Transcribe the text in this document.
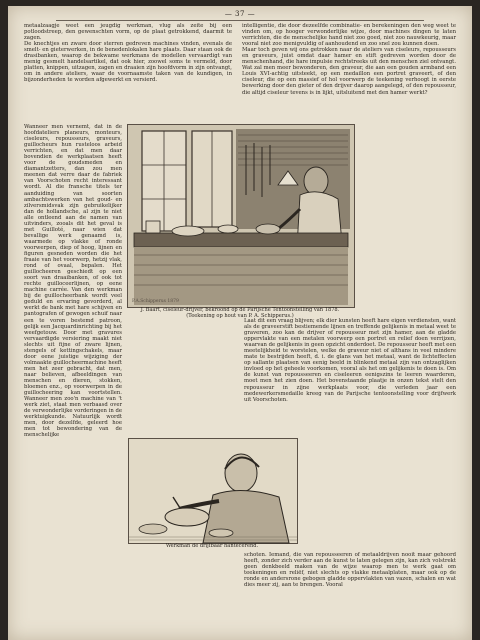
— 37 —

metaalzaagje weet een jeugdig werkman, vlug als zeite bij een potloodstreep, den gewenschten vorm, op de plaat getrokkend, daarmit te zagen.

De knechtjes en zware door sterren gedreven machines vinden, evenals de smelt- en gieterwerken, in de benedenlokalen hare plaats. Daar staan ook de drasibanken, waarop de bekwame werkmans de modellen vervaardigt van menig gesmelt handelsartikel, dat ook hier, zoowel soms te vermeld, door platten, knippen, uitzagen, zagen en draaien zijn hoofdvorm in zijn ontvangt, om in andere ateliers, waar de voornaamste taken van de kundigen, in bijzonderheden te worden afgewerkt en versierd.

intelligentie, die door dezeelfde combinatie- en berekeningen den weg weet te vinden om, op hooger verwonderlijke wijze, door machines dingen te laten verrichten, die de menschelijke hand niet zoo goed, niet zoo nauwkeurig, maar vooral niet zoo menigvuldig of aanhoudend en zoo snel zou kunnen doen.

Maar toch geven wij ons getrokken naar de ateliers van ciseleurs, repousseurs en graveurs, juist omdat daar hamer en stift gedreven worden door de menschenhand, die hare impulsie rechtstreeks uit den menschen ziel ontvangt. Wat zal men meer bewonderen, den graveur, die aan een gouden armband een Louis XVI-achtig uitsteekt, op een medaillon een portret graveert, of den ciseleur, die op een massief of hol voorwerp de teekening verhoogt in eerste bewerking door den gieter of den drijver daarop aangelegd, of den repousseur, die altijd ciseleur tevens is in lijkt, uitsluitend met den hamer werkt?

Wanneer men vernemt, dat in de hoofdateliers planeurs, monteurs, ciseleurs, repousseurs, graveurs, guillocheurs hun rusteloos arbeid verrichten, en dat men daar bovendien de werkplaatsen heeft voor de goudsmeden en diamantzetters, dan zou men meenen dat verre daar de fabriek van Voorschoten recht interessant wordt. Al die fransche titels ter aanduiding van soorten ambachtswerken van het goud- en zilversmidsvak zijn gebruikelijker dan de hollandsche, al zijn te niet alle ontleend aan de namen van uitvinders, zooals dit het geval is met Guilloté, naar wien dat bevallige werk genaamd is, waarmede op vlakke of ronde voorwerpen, diep of hoog, lijnen en figuren gesneden worden die het fraaie van het voorwerp, hetzij vlak, rond of ovaal, bepalen. Het guillocheeren geschiedt op een soort van draaibanken, of ook tot rechte guilloceerlijnen, op eene machine carrée. Van den werkman bij de guillocheerbank wordt veel geduld en ervaring gevorderd, al werkt de bank met hare schijven en pantografen of gewogen schuif naar een te voren bestemd patroon, gelijk een Jacquardinrichting bij het weefgetouw. Door met gravures vervaardigde versiering maakt niet slechts uit fijne of zware lijnen, stengels of kettingschakels, maar door eene juistige wijziging der volmaakte guillocheermachine heeft men het zeer gebracht, dat men, naar believen, afbeeldingen van menschen en dieren, stokken, bloemen enz., op voorwerpen in de guillocheering kan voortstellen. Wanneer men zoo'n machine van 't werk ziet, staat men verbaasd over de verwonderlijke vorderingen in de werktuigkunde. Natuurlijk wordt men, door dezelfde, geleerd hoe men tot bewondering van de menschelijke

P.A.Schipperus 1879
J. Baart, ciseleur-drijver, bekroond op de Parijsche Tentoonstelling van 1878. (Teekening op hout van P. A. Schipperus.)

Laat dit een vraag blijven; elk dier kunsten heeft hare eigen verdiensten, want als de graveerstift bestiemende lijnen en treffende gelijkenis in metaal weet te graveren, zoo kan de drijver of repousseur met zijn hamer, aan de gladde oppervlakte van een metalen voorwerp een portret en relief doen verrijzen, waarvan de gelijkenis in geen opzicht onderdoet. De repousseur heeft met een meetelijkheid te worstelen, welke de graveur niet of althans in veel mindere mate te bestrijden heeft, d. i. de glans van het metaal, want de lichteffecten op sallante plaatsen van eenig beeld in blinkend metaal zijn van ontzaglijken invloed op het geheele voorkomen, vooral als het om gelijkenis te doen is. Om de kunst van repousseeren en ciseleeren eenigszins te leeren waarderen, moet men het zien doen. Het bovenstaande plaatje in onzen tekst stelt den repousseur in zijne werkplaats voor, die verleden jaar een medewerkersmedaille kreeg van de Parijsche tentoonstelling voor drijfwerk uit Voorschoten.

Werkman de drijfbaar hantecerend.

schoten. Iemand, die van repousseeren of metaaldrijven nooit maar gehoord heeft, zonder zich verder aan de kunst te laten gelegen zijn, kan zich volstrekt geen denkbeeld maken van de wijze waarop men te werk gaat om teekeningen en reliëf, niet slechts op vlakke metaalplaten, maar ook op de ronde en andersrone gebogen gladde oppervlakten van vazen, schalen en wat dies meer zij, aan te brengen. Vooral
